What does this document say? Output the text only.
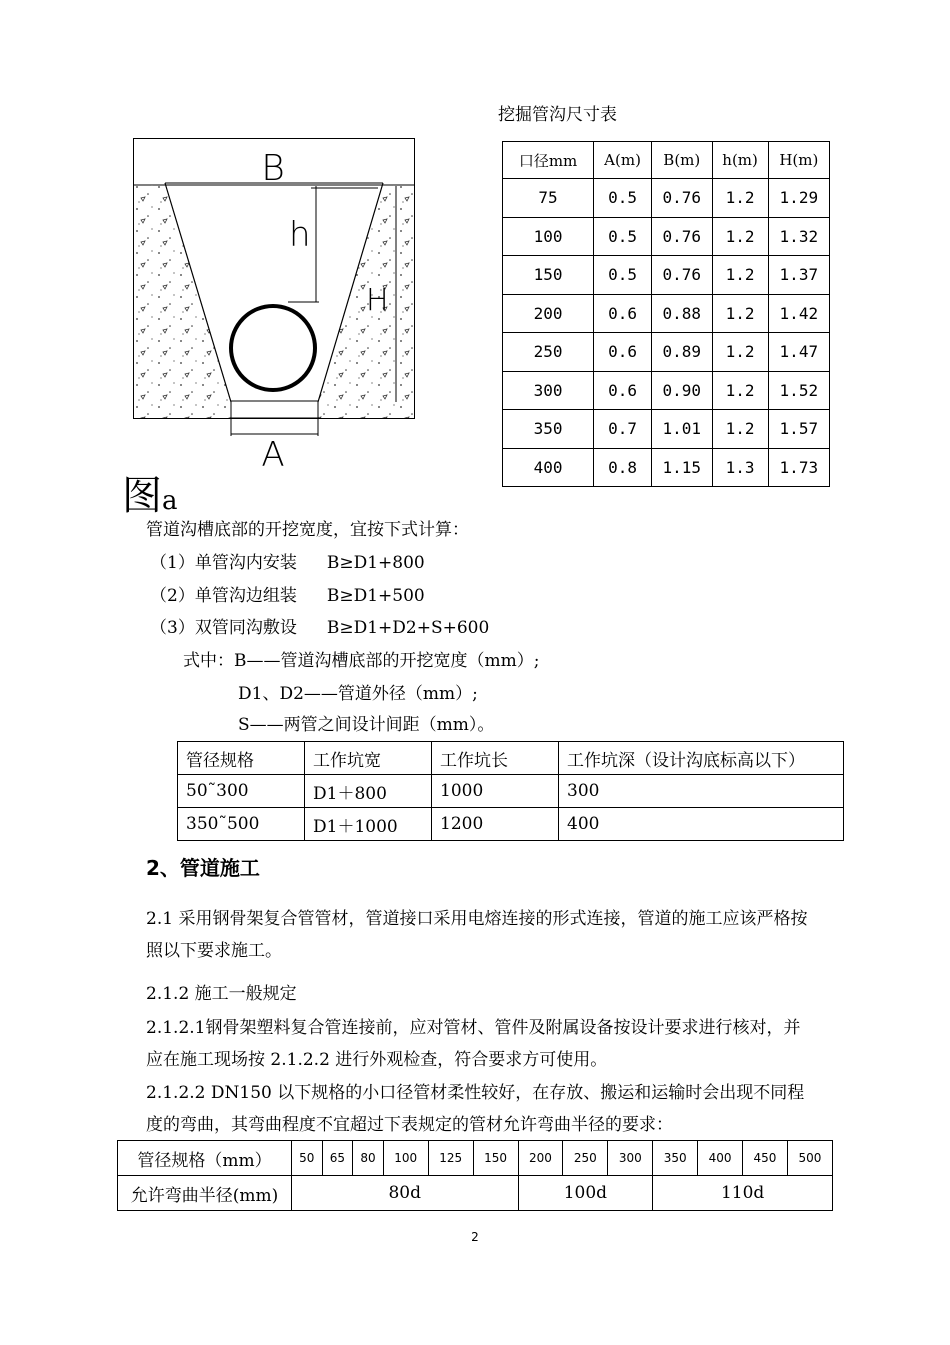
B
h
H
A
图a
挖掘管沟尺寸表
口径mm	A(m)	B(m)	h(m)	H(m)
75	0.5	0.76	1.2	1.29
100	0.5	0.76	1.2	1.32
150	0.5	0.76	1.2	1.37
200	0.6	0.88	1.2	1.42
250	0.6	0.89	1.2	1.47
300	0.6	0.90	1.2	1.52
350	0.7	1.01	1.2	1.57
400	0.8	1.15	1.3	1.73
管道沟槽底部的开挖宽度，宜按下式计算：
（1）单管沟内安装 B≥D1+800
（2）单管沟边组装 B≥D1+500
（3）双管同沟敷设 B≥D1+D2+S+600
式中：B——管道沟槽底部的开挖宽度（mm）;
D1、D2——管道外径（mm）;
S——两管之间设计间距（mm）。
管径规格	工作坑宽	工作坑长	工作坑深（设计沟底标高以下）
50˜300	D1＋800	1000	300
350˜500	D1＋1000	1200	400
2、管道施工
2.1 采用钢骨架复合管管材，管道接口采用电熔连接的形式连接，管道的施工应该严格按照以下要求施工。
2.1.2 施工一般规定
2.1.2.1钢骨架塑料复合管连接前，应对管材、管件及附属设备按设计要求进行核对，并应在施工现场按 2.1.2.2 进行外观检查，符合要求方可使用。
2.1.2.2 DN150 以下规格的小口径管材柔性较好，在存放、搬运和运输时会出现不同程度的弯曲，其弯曲程度不宜超过下表规定的管材允许弯曲半径的要求：
管径规格（mm）	50	65	80	100	125	150	200	250	300	350	400	450	500
允许弯曲半径(mm)	80d						100d			110d			
2
